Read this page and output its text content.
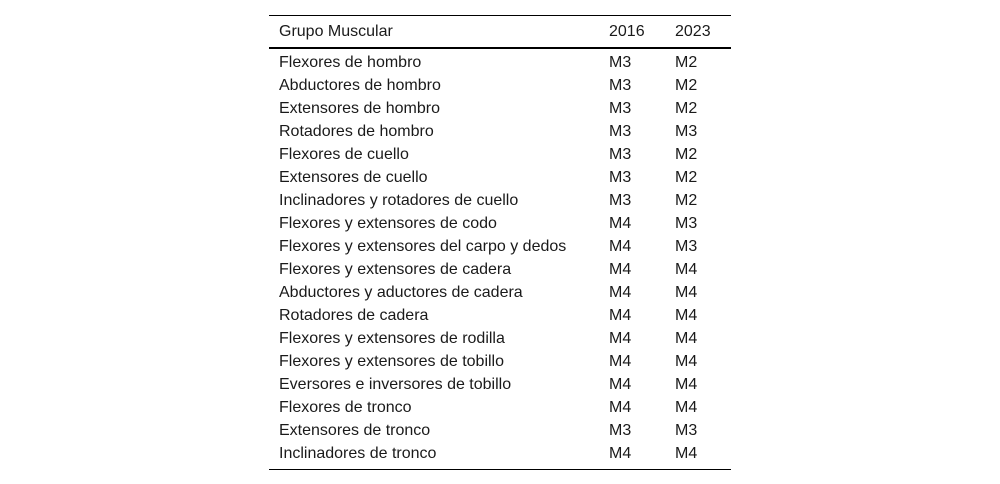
Grupo Muscular	2016	2023
Flexores de hombro	M3	M2
Abductores de hombro	M3	M2
Extensores de hombro	M3	M2
Rotadores de hombro	M3	M3
Flexores de cuello	M3	M2
Extensores de cuello	M3	M2
Inclinadores y rotadores de cuello	M3	M2
Flexores y extensores de codo	M4	M3
Flexores y extensores del carpo y dedos	M4	M3
Flexores y extensores de cadera	M4	M4
Abductores y aductores de cadera	M4	M4
Rotadores de cadera	M4	M4
Flexores y extensores de rodilla	M4	M4
Flexores y extensores de tobillo	M4	M4
Eversores e inversores de tobillo	M4	M4
Flexores de tronco	M4	M4
Extensores de tronco	M3	M3
Inclinadores de tronco	M4	M4
